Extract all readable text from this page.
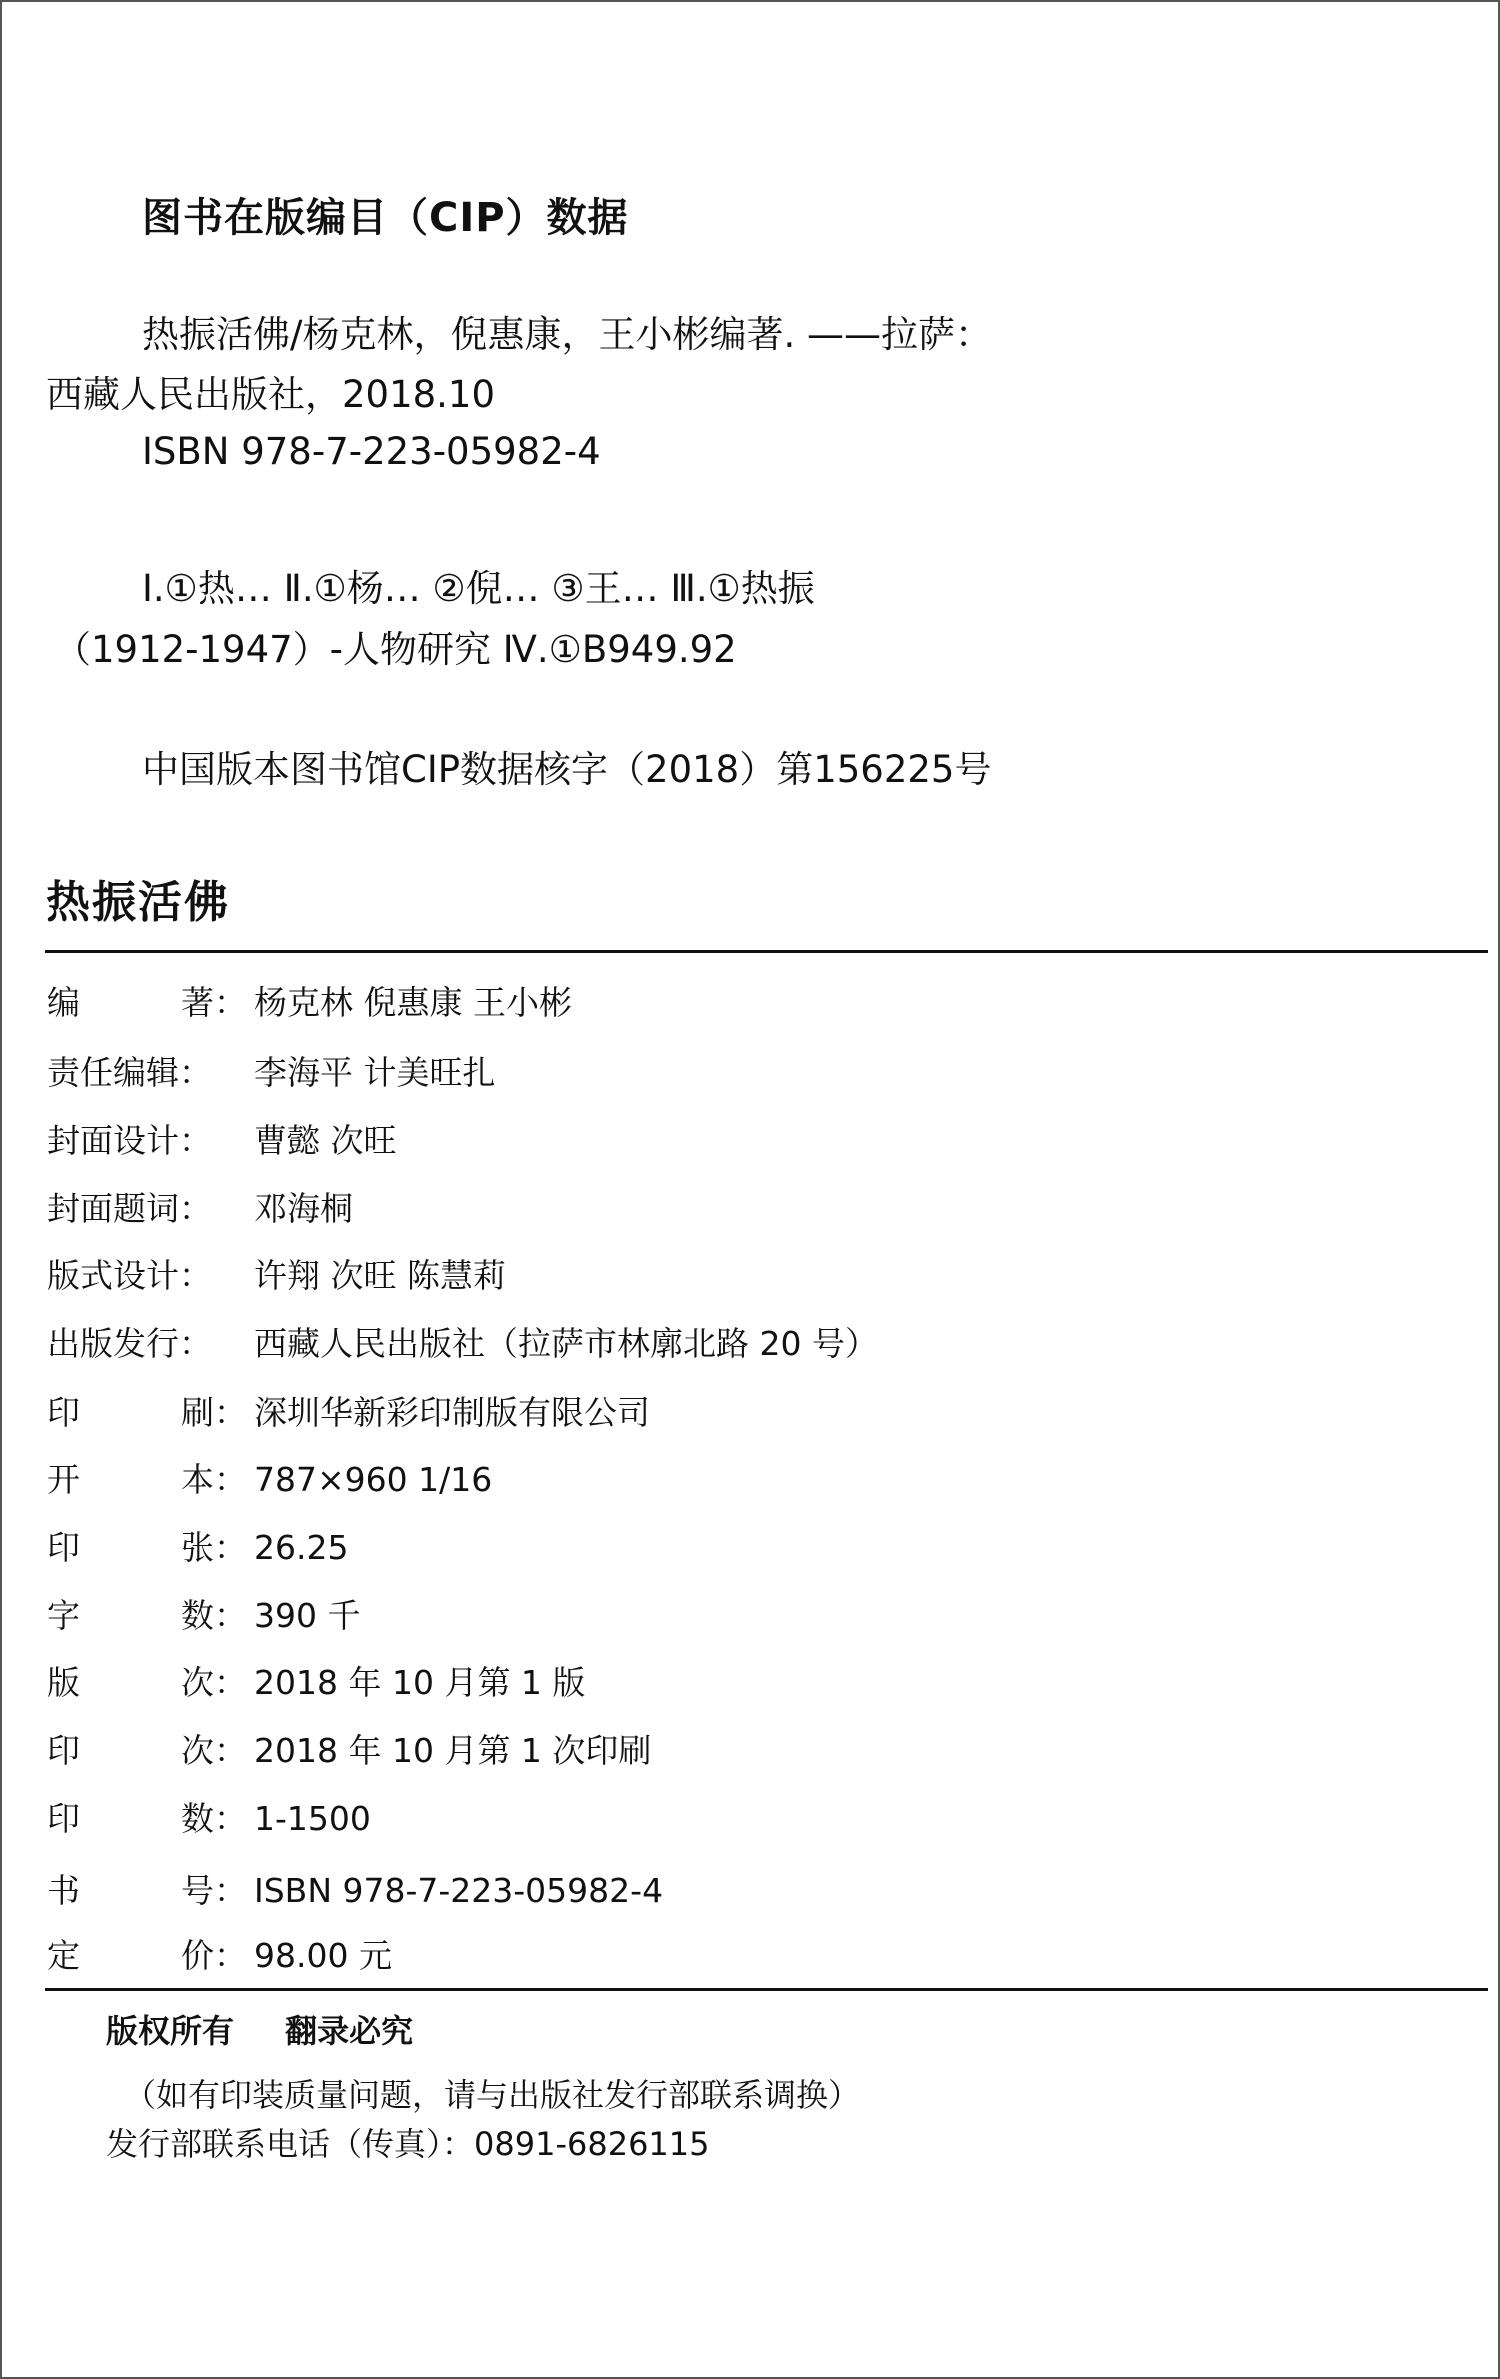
图书在版编目（CIP）数据
热振活佛/杨克林，倪惠康，王小彬编著. ——拉萨：
西藏人民出版社，2018.10
ISBN 978-7-223-05982-4
Ⅰ.①热… Ⅱ.①杨… ②倪… ③王… Ⅲ.①热振
（1912-1947）-人物研究 Ⅳ.①B949.92
中国版本图书馆CIP数据核字（2018）第156225号
热振活佛
编	著： 杨克林 倪惠康 王小彬
责任编辑： 李海平 计美旺扎
封面设计： 曹懿 次旺
封面题词： 邓海桐
版式设计： 许翔 次旺 陈慧莉
出版发行： 西藏人民出版社（拉萨市林廓北路 20 号）
印	刷： 深圳华新彩印制版有限公司
开	本： 787×960 1/16
印	张： 26.25
字	数： 390 千
版	次： 2018 年 10 月第 1 版
印	次： 2018 年 10 月第 1 次印刷
印	数： 1-1500
书	号： ISBN 978-7-223-05982-4
定	价： 98.00 元
版权所有 翻录必究
（如有印装质量问题，请与出版社发行部联系调换）
发行部联系电话（传真）：0891-6826115
